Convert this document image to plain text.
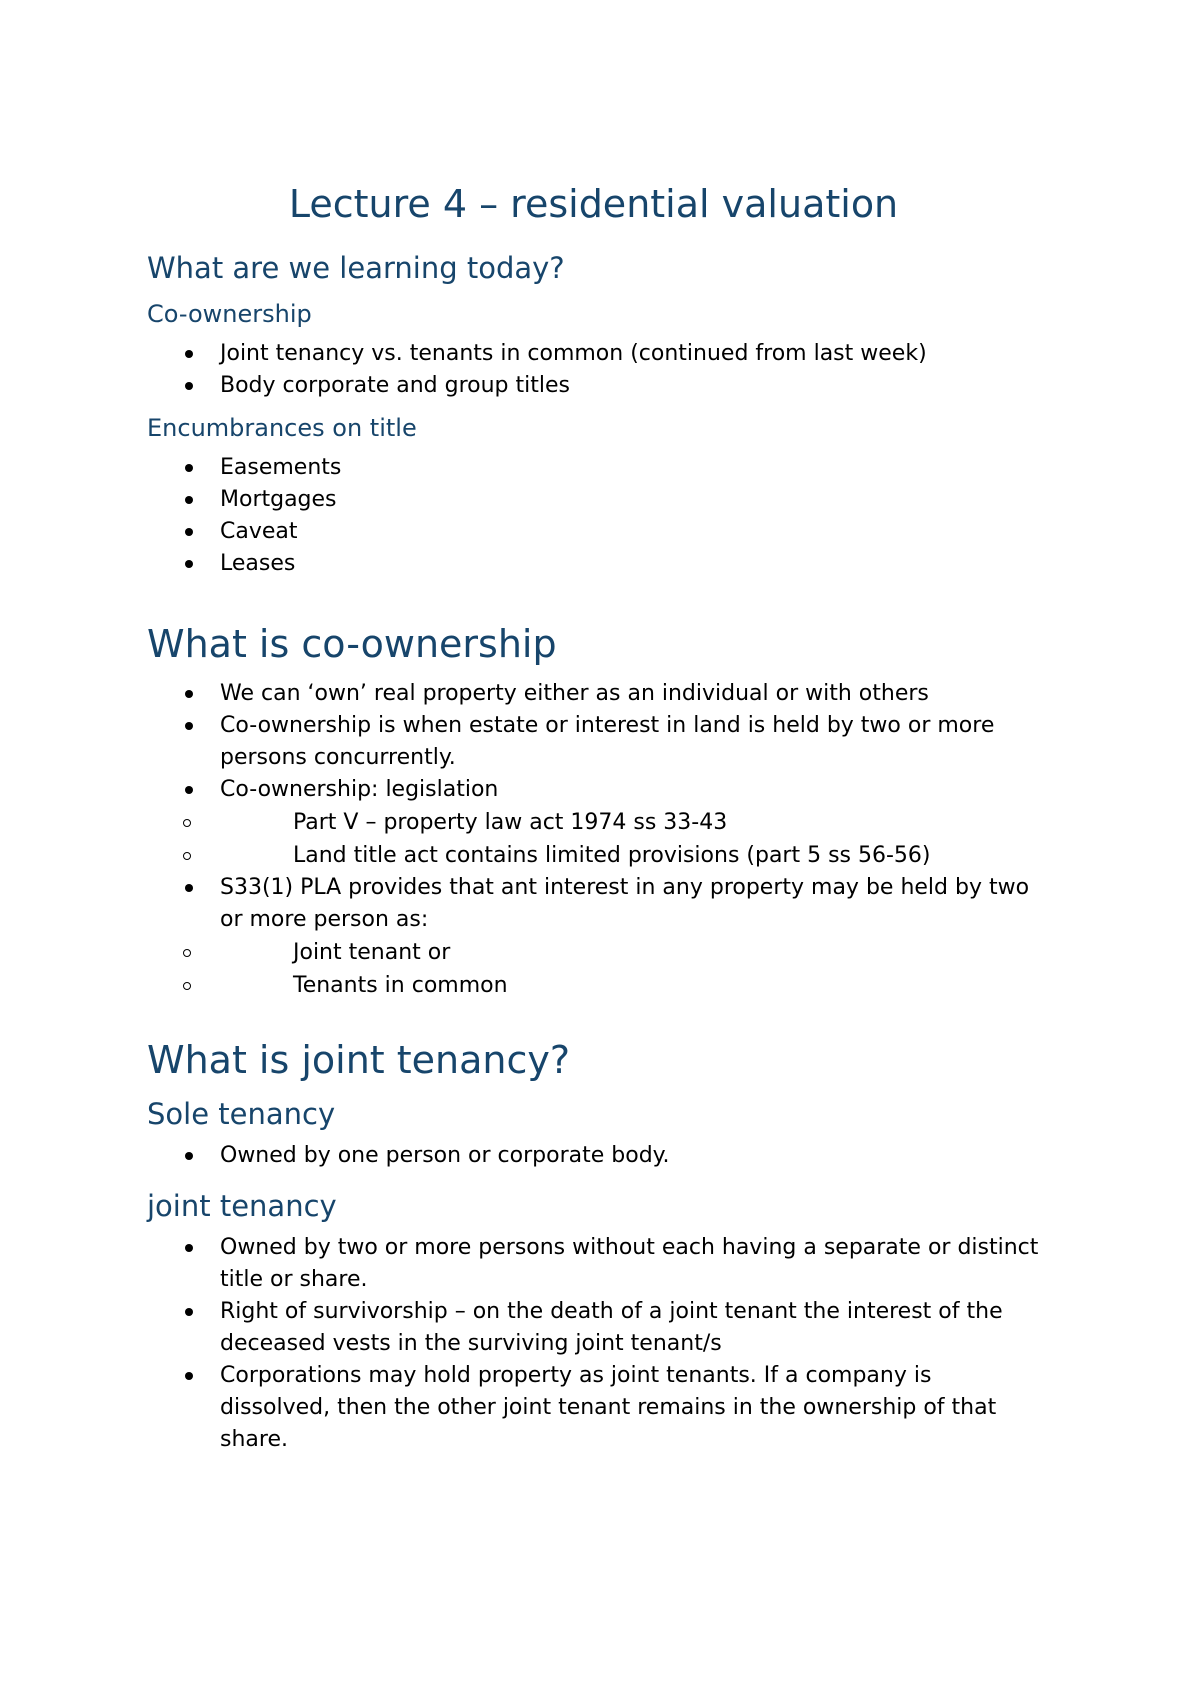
Lecture 4 – residential valuation
What are we learning today?
Co-ownership
Joint tenancy vs. tenants in common (continued from last week)
Body corporate and group titles
Encumbrances on title
Easements
Mortgages
Caveat
Leases
What is co-ownership
We can ‘own’ real property either as an individual or with others
Co-ownership is when estate or interest in land is held by two or more persons concurrently.
Co-ownership: legislation
Part V – property law act 1974 ss 33-43
Land title act contains limited provisions (part 5 ss 56-56)
S33(1) PLA provides that ant interest in any property may be held by two or more person as:
Joint tenant or
Tenants in common
What is joint tenancy?
Sole tenancy
Owned by one person or corporate body.
joint tenancy
Owned by two or more persons without each having a separate or distinct title or share.
Right of survivorship – on the death of a joint tenant the interest of the deceased vests in the surviving joint tenant/s
Corporations may hold property as joint tenants. If a company is dissolved, then the other joint tenant remains in the ownership of that share.
